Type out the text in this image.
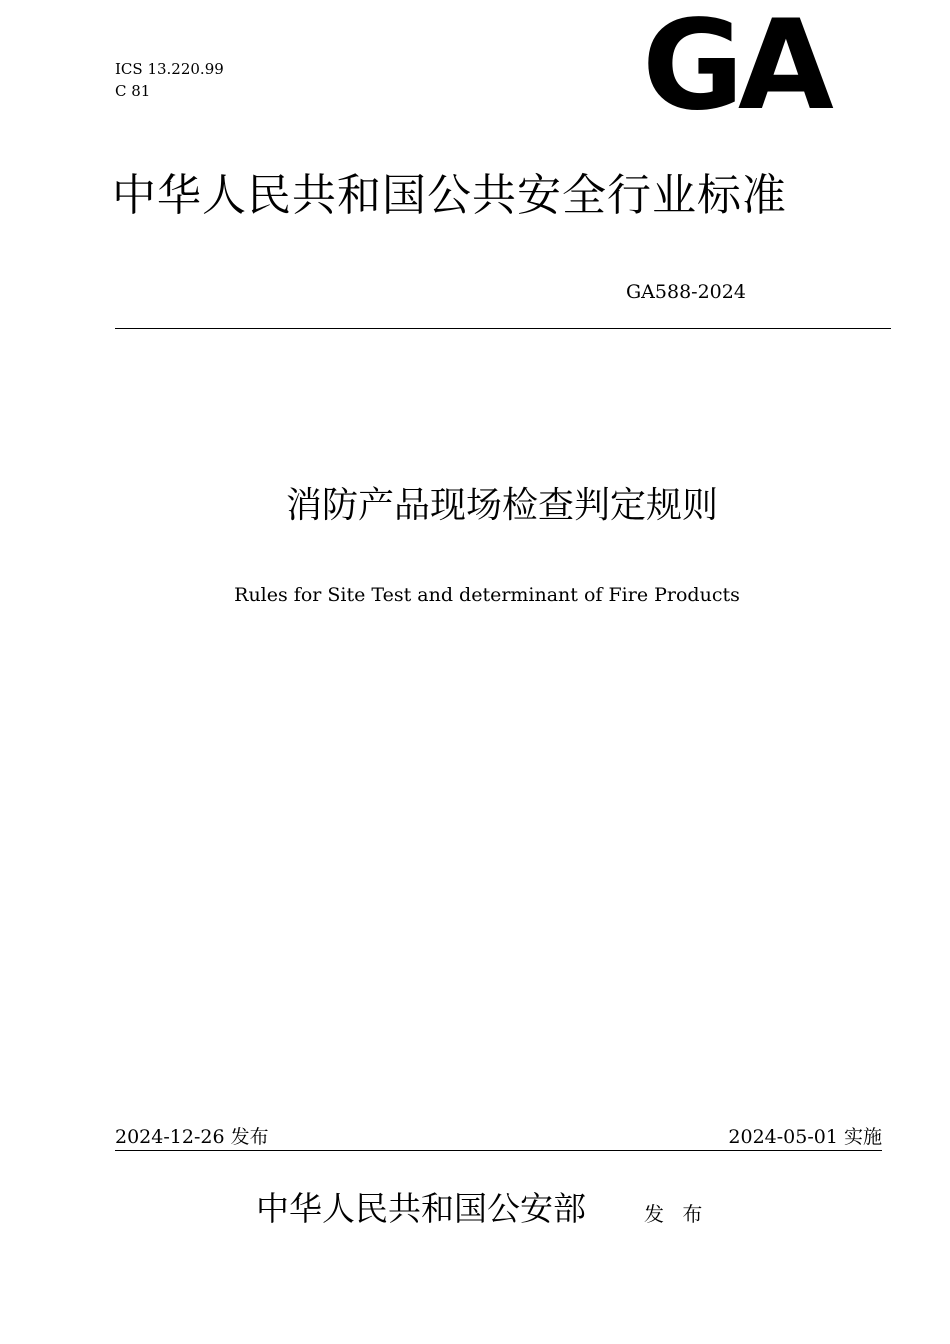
ICS 13.220.99
C 81	GA
中华人民共和国公共安全行业标准
GA588-2024
消防产品现场检查判定规则
Rules for Site Test and determinant of Fire Products
2024-12-26 发布	2024-05-01 实施
中华人民共和国公安部	发 布
